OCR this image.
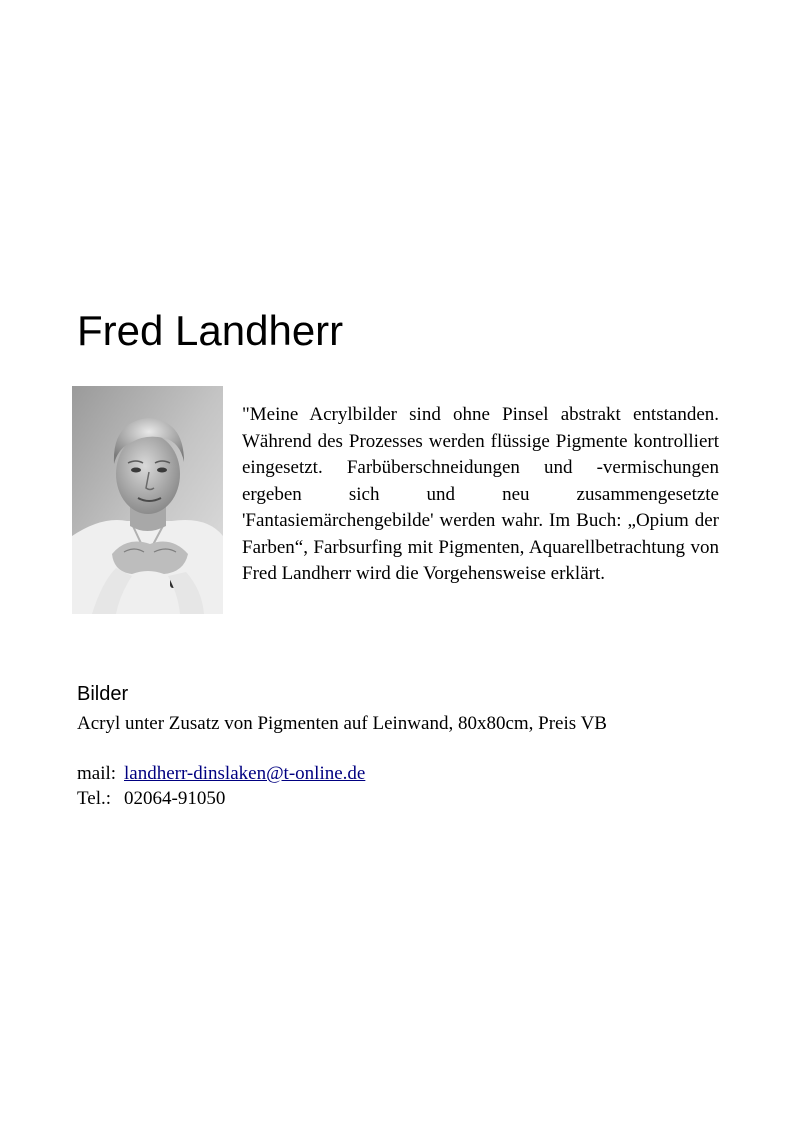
Fred Landherr

"Meine Acrylbilder sind ohne Pinsel abstrakt entstanden. Während des Prozesses werden flüssige Pigmente kontrolliert eingesetzt. Farbüberschneidungen und -vermischungen ergeben sich und neu zusammengesetzte 'Fantasiemärchengebilde' werden wahr. Im Buch: „Opium der Farben“, Farbsurfing mit Pigmenten, Aquarellbetrachtung von Fred Landherr wird die Vorgehensweise erklärt.

Bilder

Acryl unter Zusatz von Pigmenten auf Leinwand, 80x80cm, Preis VB

mail: landherr-dinslaken@t-online.de
Tel.: 02064-91050
